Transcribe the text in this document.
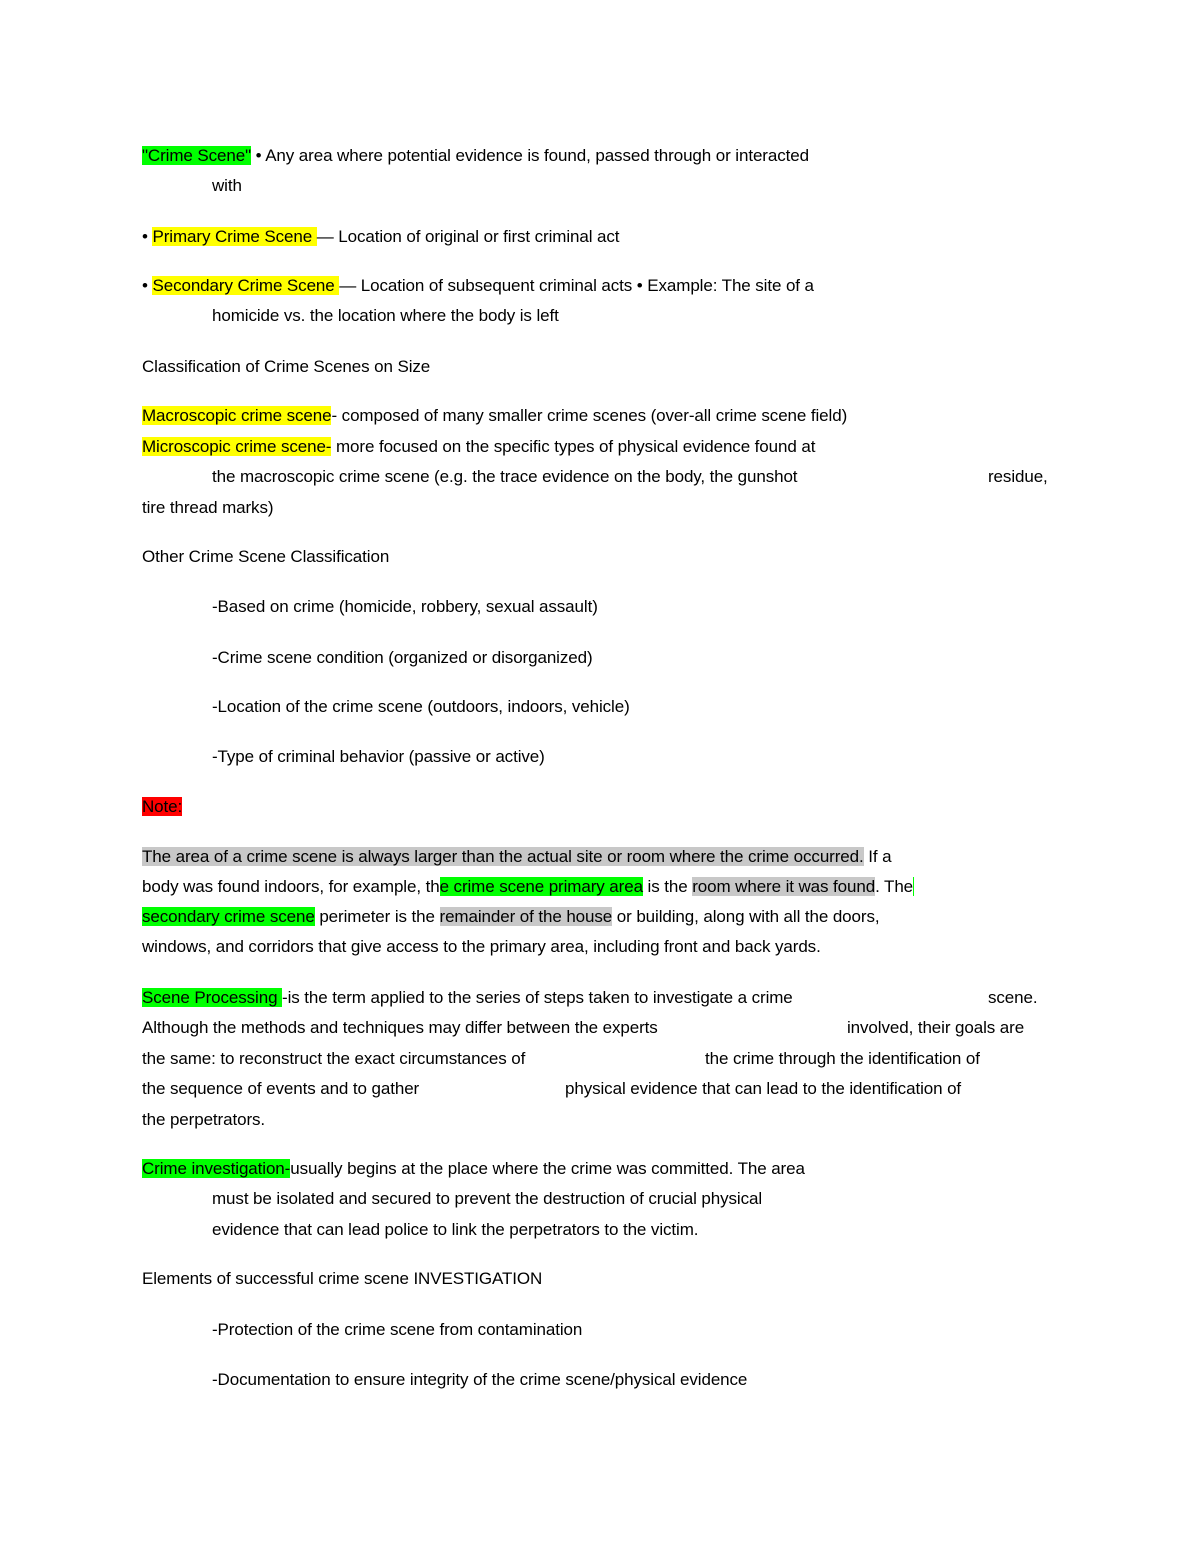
"Crime Scene" • Any area where potential evidence is found, passed through or interacted
with
• Primary Crime Scene — Location of original or first criminal act
• Secondary Crime Scene — Location of subsequent criminal acts • Example: The site of a
homicide vs. the location where the body is left
Classification of Crime Scenes on Size
Macroscopic crime scene- composed of many smaller crime scenes (over-all crime scene field)
Microscopic crime scene- more focused on the specific types of physical evidence found at
the macroscopic crime scene (e.g. the trace evidence on the body, the gunshot	residue,
tire thread marks)
Other Crime Scene Classification
-Based on crime (homicide, robbery, sexual assault)
-Crime scene condition (organized or disorganized)
-Location of the crime scene (outdoors, indoors, vehicle)
-Type of criminal behavior (passive or active)
Note:
The area of a crime scene is always larger than the actual site or room where the crime occurred. If a
body was found indoors, for example, the crime scene primary area is the room where it was found. The 
secondary crime scene perimeter is the remainder of the house or building, along with all the doors,
windows, and corridors that give access to the primary area, including front and back yards.
Scene Processing -is the term applied to the series of steps taken to investigate a crime	scene.
Although the methods and techniques may differ between the experts	involved, their goals are
the same: to reconstruct the exact circumstances of	the crime through the identification of
the sequence of events and to gather	physical evidence that can lead to the identification of
the perpetrators.
Crime investigation-usually begins at the place where the crime was committed. The area
must be isolated and secured to prevent the destruction of crucial physical
evidence that can lead police to link the perpetrators to the victim.
Elements of successful crime scene INVESTIGATION
-Protection of the crime scene from contamination
-Documentation to ensure integrity of the crime scene/physical evidence
